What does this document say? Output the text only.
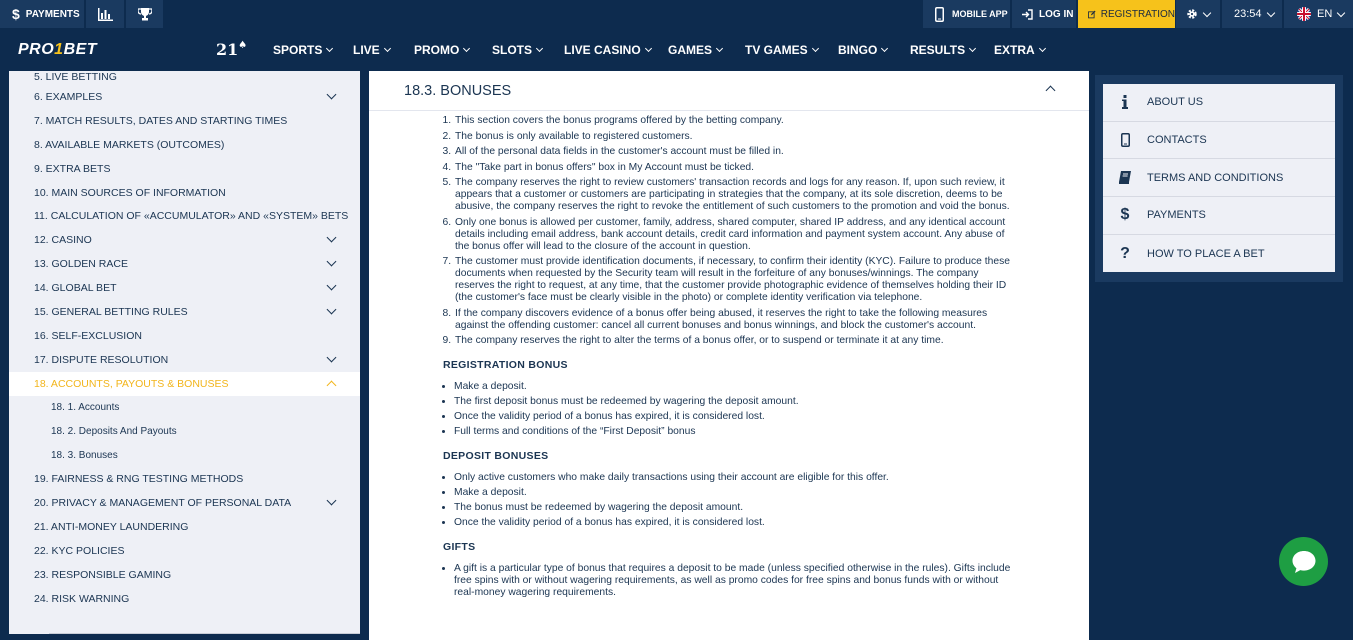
$ PAYMENTS	MOBILE APP	LOG IN	REGISTRATION	23:54	EN
PRO1BET	21♠ SPORTS	LIVE	PROMO	SLOTS	LIVE CASINO GAMES	TV GAMES	BINGO	RESULTS EXTRA
5. LIVE BETTING
6. EXAMPLES
7. MATCH RESULTS, DATES AND STARTING TIMES
8. AVAILABLE MARKETS (OUTCOMES)
9. EXTRA BETS
10. MAIN SOURCES OF INFORMATION
11. CALCULATION OF «ACCUMULATOR» AND «SYSTEM» BETS
12. CASINO
13. GOLDEN RACE
14. GLOBAL BET
15. GENERAL BETTING RULES
16. SELF-EXCLUSION
17. DISPUTE RESOLUTION
18. ACCOUNTS, PAYOUTS & BONUSES
18. 1. Accounts
18. 2. Deposits And Payouts
18. 3. Bonuses
19. FAIRNESS & RNG TESTING METHODS
20. PRIVACY & MANAGEMENT OF PERSONAL DATA
21. ANTI-MONEY LAUNDERING
22. KYC POLICIES
23. RESPONSIBLE GAMING
24. RISK WARNING
18.3. BONUSES
1. This section covers the bonus programs offered by the betting company.
2. The bonus is only available to registered customers.
3. All of the personal data fields in the customer's account must be filled in.
4. The "Take part in bonus offers" box in My Account must be ticked.
5. The company reserves the right to review customers' transaction records and logs for any reason. If, upon such review, it appears that a customer or customers are participating in strategies that the company, at its sole discretion, deems to be abusive, the company reserves the right to revoke the entitlement of such customers to the promotion and void the bonus.
6. Only one bonus is allowed per customer, family, address, shared computer, shared IP address, and any identical account details including email address, bank account details, credit card information and payment system account. Any abuse of the bonus offer will lead to the closure of the account in question.
7. The customer must provide identification documents, if necessary, to confirm their identity (KYC). Failure to produce these documents when requested by the Security team will result in the forfeiture of any bonuses/winnings. The company reserves the right to request, at any time, that the customer provide photographic evidence of themselves holding their ID (the customer's face must be clearly visible in the photo) or complete identity verification via telephone.
8. If the company discovers evidence of a bonus offer being abused, it reserves the right to take the following measures against the offending customer: cancel all current bonuses and bonus winnings, and block the customer's account.
9. The company reserves the right to alter the terms of a bonus offer, or to suspend or terminate it at any time.
REGISTRATION BONUS
• Make a deposit.
• The first deposit bonus must be redeemed by wagering the deposit amount.
• Once the validity period of a bonus has expired, it is considered lost.
• Full terms and conditions of the “First Deposit” bonus
DEPOSIT BONUSES
• Only active customers who make daily transactions using their account are eligible for this offer.
• Make a deposit.
• The bonus must be redeemed by wagering the deposit amount.
• Once the validity period of a bonus has expired, it is considered lost.
GIFTS
• A gift is a particular type of bonus that requires a deposit to be made (unless specified otherwise in the rules). Gifts include free spins with or without wagering requirements, as well as promo codes for free spins and bonus funds with or without real-money wagering requirements.
ABOUT US
CONTACTS
TERMS AND CONDITIONS
$	PAYMENTS
?	HOW TO PLACE A BET
